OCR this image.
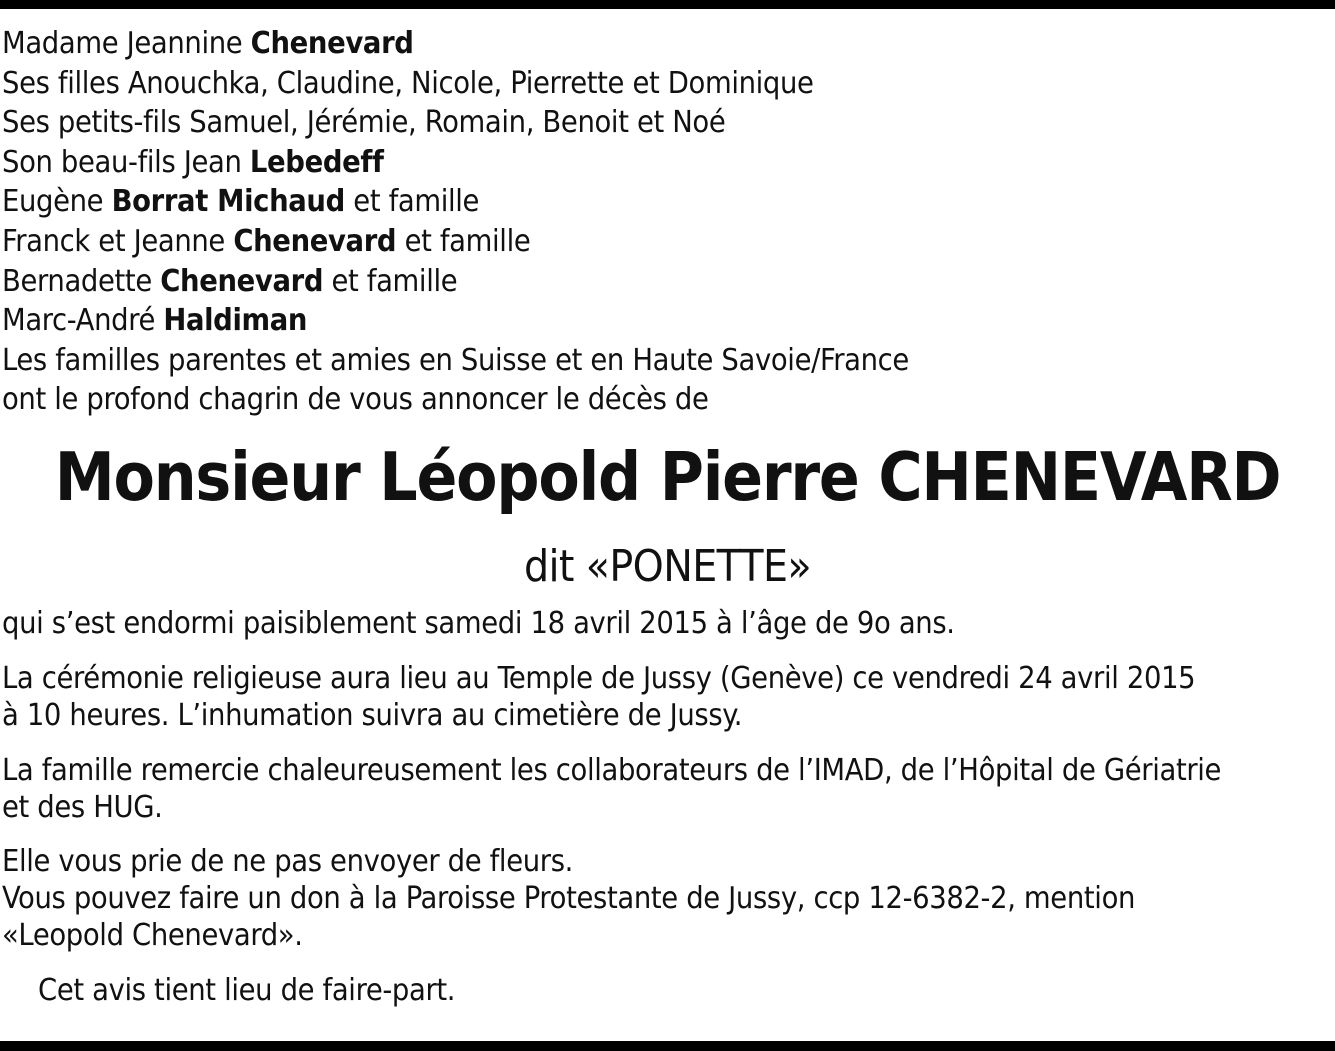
Madame Jeannine Chenevard
Ses filles Anouchka, Claudine, Nicole, Pierrette et Dominique
Ses petits-fils Samuel, Jérémie, Romain, Benoit et Noé
Son beau-fils Jean Lebedeff
Eugène Borrat Michaud et famille
Franck et Jeanne Chenevard et famille
Bernadette Chenevard et famille
Marc-André Haldiman
Les familles parentes et amies en Suisse et en Haute Savoie/France
ont le profond chagrin de vous annoncer le décès de
Monsieur Léopold Pierre CHENEVARD
dit «PONETTE»
qui s’est endormi paisiblement samedi 18 avril 2015 à l’âge de 9o ans.
La cérémonie religieuse aura lieu au Temple de Jussy (Genève) ce vendredi 24 avril 2015
à 10 heures. L’inhumation suivra au cimetière de Jussy.
La famille remercie chaleureusement les collaborateurs de l’IMAD, de l’Hôpital de Gériatrie
et des HUG.
Elle vous prie de ne pas envoyer de fleurs.
Vous pouvez faire un don à la Paroisse Protestante de Jussy, ccp 12-6382-2, mention
«Leopold Chenevard».
Cet avis tient lieu de faire-part.
